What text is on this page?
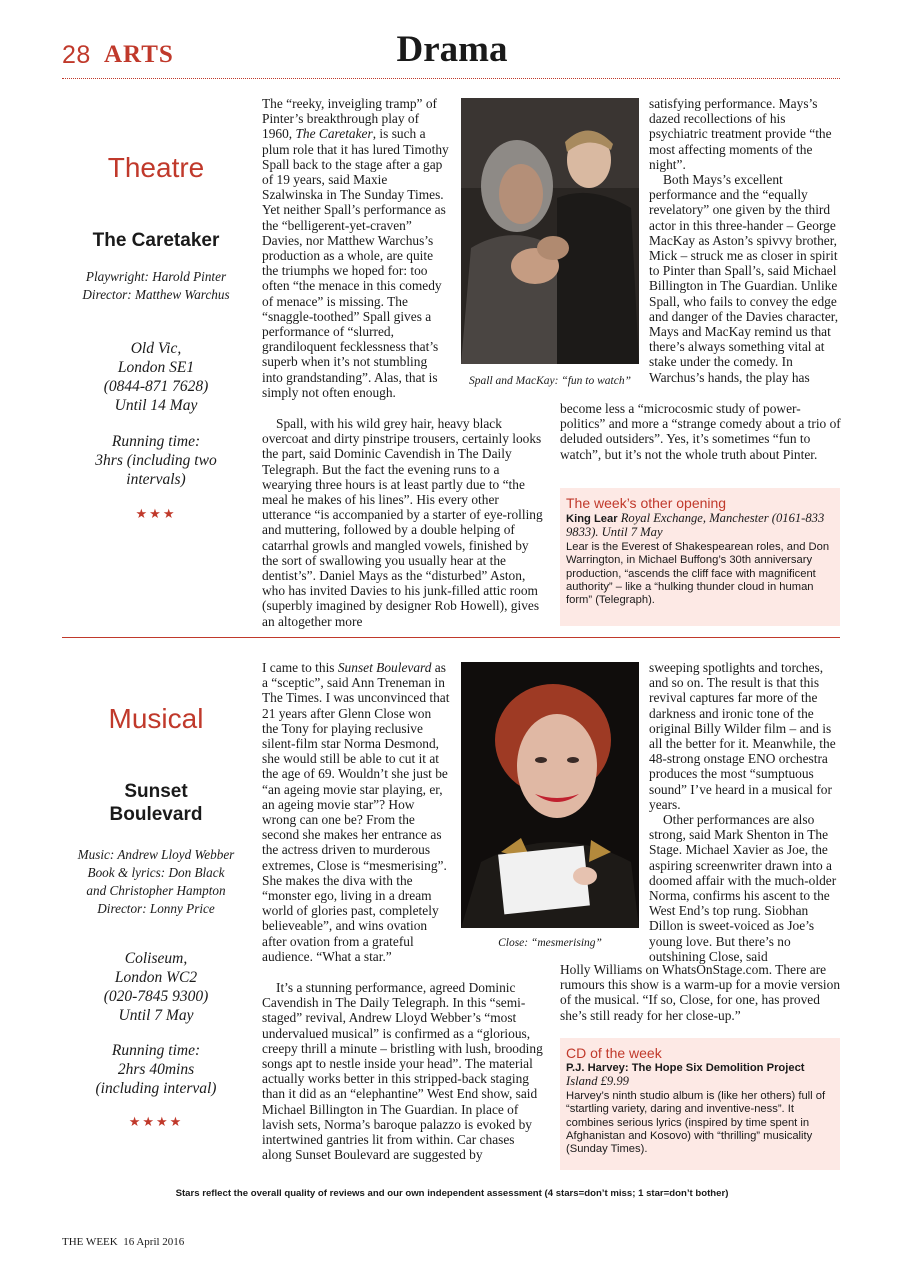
28 ARTS	Drama
Theatre
The Caretaker
Playwright: Harold Pinter
Director: Matthew Warchus
Old Vic,
London SE1
(0844-871 7628)
Until 14 May
Running time:
3hrs (including two
intervals)
★★★

The “reeky, inveigling tramp” of Pinter’s breakthrough play of 1960, The Caretaker, is such a plum role that it has lured Timothy Spall back to the stage after a gap of 19 years, said Maxie Szalwinska in The Sunday Times. Yet neither Spall’s performance as the “belligerent-yet-craven” Davies, nor Matthew Warchus’s production as a whole, are quite the triumphs we hoped for: too often “the menace in this comedy of menace” is missing. The “snaggle-toothed” Spall gives a performance of “slurred, grandiloquent fecklessness that’s superb when it’s not stumbling into grandstanding”. Alas, that is simply not often enough.

Spall, with his wild grey hair, heavy black overcoat and dirty pinstripe trousers, certainly looks the part, said Dominic Cavendish in The Daily Telegraph. But the fact the evening runs to a wearying three hours is at least partly due to “the meal he makes of his lines”. His every other utterance “is accompanied by a starter of eye-rolling and muttering, followed by a double helping of catarrhal growls and mangled vowels, finished by the sort of swallowing you usually hear at the dentist’s”. Daniel Mays as the “disturbed” Aston, who has invited Davies to his junk-filled attic room (superbly imagined by designer Rob Howell), gives an altogether more

Spall and MacKay: “fun to watch”

satisfying performance. Mays’s dazed recollections of his psychiatric treatment provide “the most affecting moments of the night”.

Both Mays’s excellent performance and the “equally revelatory” one given by the third actor in this three-hander – George MacKay as Aston’s spivvy brother, Mick – struck me as closer in spirit to Pinter than Spall’s, said Michael Billington in The Guardian. Unlike Spall, who fails to convey the edge and danger of the Davies character, Mays and MacKay remind us that there’s always something vital at stake under the comedy. In Warchus’s hands, the play has

become less a “microcosmic study of power-politics” and more a “strange comedy about a trio of deluded outsiders”. Yes, it’s sometimes “fun to watch”, but it’s not the whole truth about Pinter.

The week’s other opening
King Lear Royal Exchange, Manchester (0161-833 9833). Until 7 May
Lear is the Everest of Shakespearean roles, and Don Warrington, in Michael Buffong’s 30th anniversary production, “ascends the cliff face with magnificent authority” – like a “hulking thunder cloud in human form” (Telegraph).
Musical
Sunset
Boulevard
Music: Andrew Lloyd Webber
Book & lyrics: Don Black
and Christopher Hampton
Director: Lonny Price
Coliseum,
London WC2
(020-7845 9300)
Until 7 May
Running time:
2hrs 40mins
(including interval)
★★★★

I came to this Sunset Boulevard as a “sceptic”, said Ann Treneman in The Times. I was unconvinced that 21 years after Glenn Close won the Tony for playing reclusive silent-film star Norma Desmond, she would still be able to cut it at the age of 69. Wouldn’t she just be “an ageing movie star playing, er, an ageing movie star”? How wrong can one be? From the second she makes her entrance as the actress driven to murderous extremes, Close is “mesmerising”. She makes the diva with the “monster ego, living in a dream world of glories past, completely believeable”, and wins ovation after ovation from a grateful audience. “What a star.”

It’s a stunning performance, agreed Dominic Cavendish in The Daily Telegraph. In this “semi-staged” revival, Andrew Lloyd Webber’s “most undervalued musical” is confirmed as a “glorious, creepy thrill a minute – bristling with lush, brooding songs apt to nestle inside your head”. The material actually works better in this stripped-back staging than it did as an “elephantine” West End show, said Michael Billington in The Guardian. In place of lavish sets, Norma’s baroque palazzo is evoked by intertwined gantries lit from within. Car chases along Sunset Boulevard are suggested by

Close: “mesmerising”

sweeping spotlights and torches, and so on. The result is that this revival captures far more of the darkness and ironic tone of the original Billy Wilder film – and is all the better for it. Meanwhile, the 48-strong onstage ENO orchestra produces the most “sumptuous sound” I’ve heard in a musical for years.

Other performances are also strong, said Mark Shenton in The Stage. Michael Xavier as Joe, the aspiring screenwriter drawn into a doomed affair with the much-older Norma, confirms his ascent to the West End’s top rung. Siobhan Dillon is sweet-voiced as Joe’s young love. But there’s no outshining Close, said

Holly Williams on WhatsOnStage.com. There are rumours this show is a warm-up for a movie version of the musical. “If so, Close, for one, has proved she’s still ready for her close-up.”

CD of the week
P.J. Harvey: The Hope Six Demolition Project Island £9.99
Harvey’s ninth studio album is (like her others) full of “startling variety, daring and inventive-ness”. It combines serious lyrics (inspired by time spent in Afghanistan and Kosovo) with “thrilling” musicality (Sunday Times).
Stars reflect the overall quality of reviews and our own independent assessment (4 stars=don’t miss; 1 star=don’t bother)
THE WEEK  16 April 2016
